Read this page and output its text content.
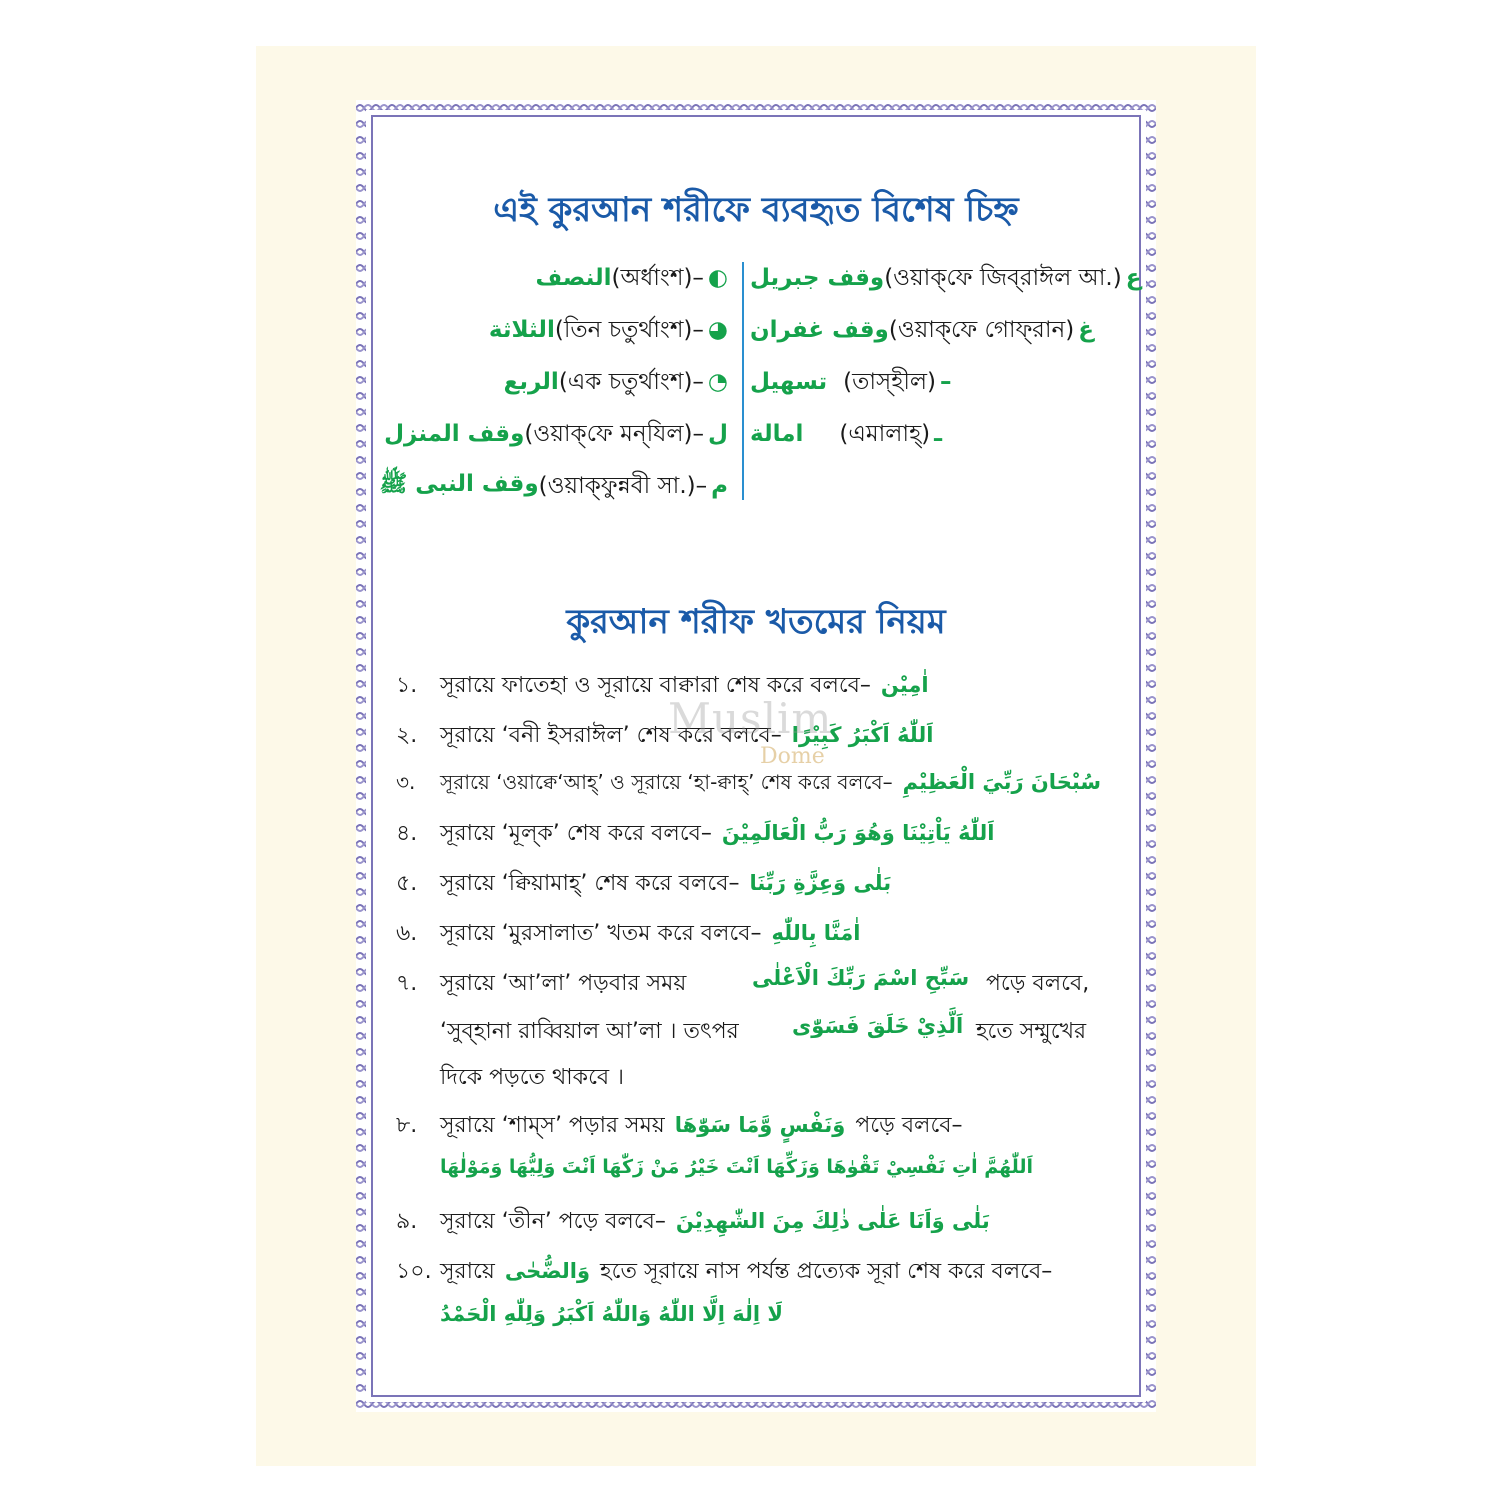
এই কুরআন শরীফে ব্যবহৃত বিশেষ চিহ্ন
النصف (অর্ধাংশ)– ◐
الثلاثة (তিন চতুর্থাংশ)– ◕
الربع (এক চতুর্থাংশ)– ◔
وقف المنزل (ওয়াক্‌ফে মন্‌যিল)– ل
وقف النبى ﷺ (ওয়াক্‌ফুন্নবী সা.)– م
وقف جبريل (ওয়াক্‌ফে জিব্‌রাঈল আ.) ع
وقف غفران (ওয়াক্‌ফে গোফ্‌রান) غ
تسهيل (তাস্‌হীল) –
امالة (এমালাহ্‌) ـ
কুরআন শরীফ খতমের নিয়ম
১. সূরায়ে ফাতেহা ও সূরায়ে বাক্বারা শেষ করে বলবে– اٰمِيْن
২. সূরায়ে ‘বনী ইসরাঈল’ শেষ করে বলবে– اَللّٰهُ اَكْبَرُ كَبِيْرًا
৩. সূরায়ে ‘ওয়াক্বে‘আহ্’ ও সূরায়ে ‘হা-ক্বাহ্’ শেষ করে বলবে– سُبْحَانَ رَبِّيَ الْعَظِيْمِ
৪. সূরায়ে ‘মূল্‌ক’ শেষ করে বলবে– اَللّٰهُ يَاْتِيْنَا وَهُوَ رَبُّ الْعَالَمِيْنَ
৫. সূরায়ে ‘ক্বিয়ামাহ্’ শেষ করে বলবে– بَلٰى وَعِزَّةِ رَبِّنَا
৬. সূরায়ে ‘মুরসালাত’ খতম করে বলবে– اٰمَنَّا بِاللّٰهِ
৭. সূরায়ে ‘আ’লা’ পড়বার সময়	سَبِّحِ اسْمَ رَبِّكَ الْاَعْلٰى পড়ে বলবে,
‘সুব্‌হানা রাব্বিয়াল আ’লা । তৎপর	اَلَّذِيْ خَلَقَ فَسَوّٰى হতে সম্মুখের
দিকে পড়তে থাকবে ।
৮. সূরায়ে ‘শাম্‌স’ পড়ার সময় وَنَفْسٍ وَّمَا سَوّٰهَا পড়ে বলবে–
اَللّٰهُمَّ اٰتِ نَفْسِيْ تَقْوٰهَا وَزَكِّهَا اَنْتَ خَيْرُ مَنْ زَكّٰهَا اَنْتَ وَلِيُّهَا وَمَوْلٰهَا
৯. সূরায়ে ‘তীন’ পড়ে বলবে– بَلٰى وَاَنَا عَلٰى ذٰلِكَ مِنَ الشّٰهِدِيْنَ
১০. সূরায়ে وَالضُّحٰى হতে সূরায়ে নাস পর্যন্ত প্রত্যেক সূরা শেষ করে বলবে–
لَا اِلٰهَ اِلَّا اللّٰهُ وَاللّٰهُ اَكْبَرُ وَلِلّٰهِ الْحَمْدُ
Muslim
Dome
